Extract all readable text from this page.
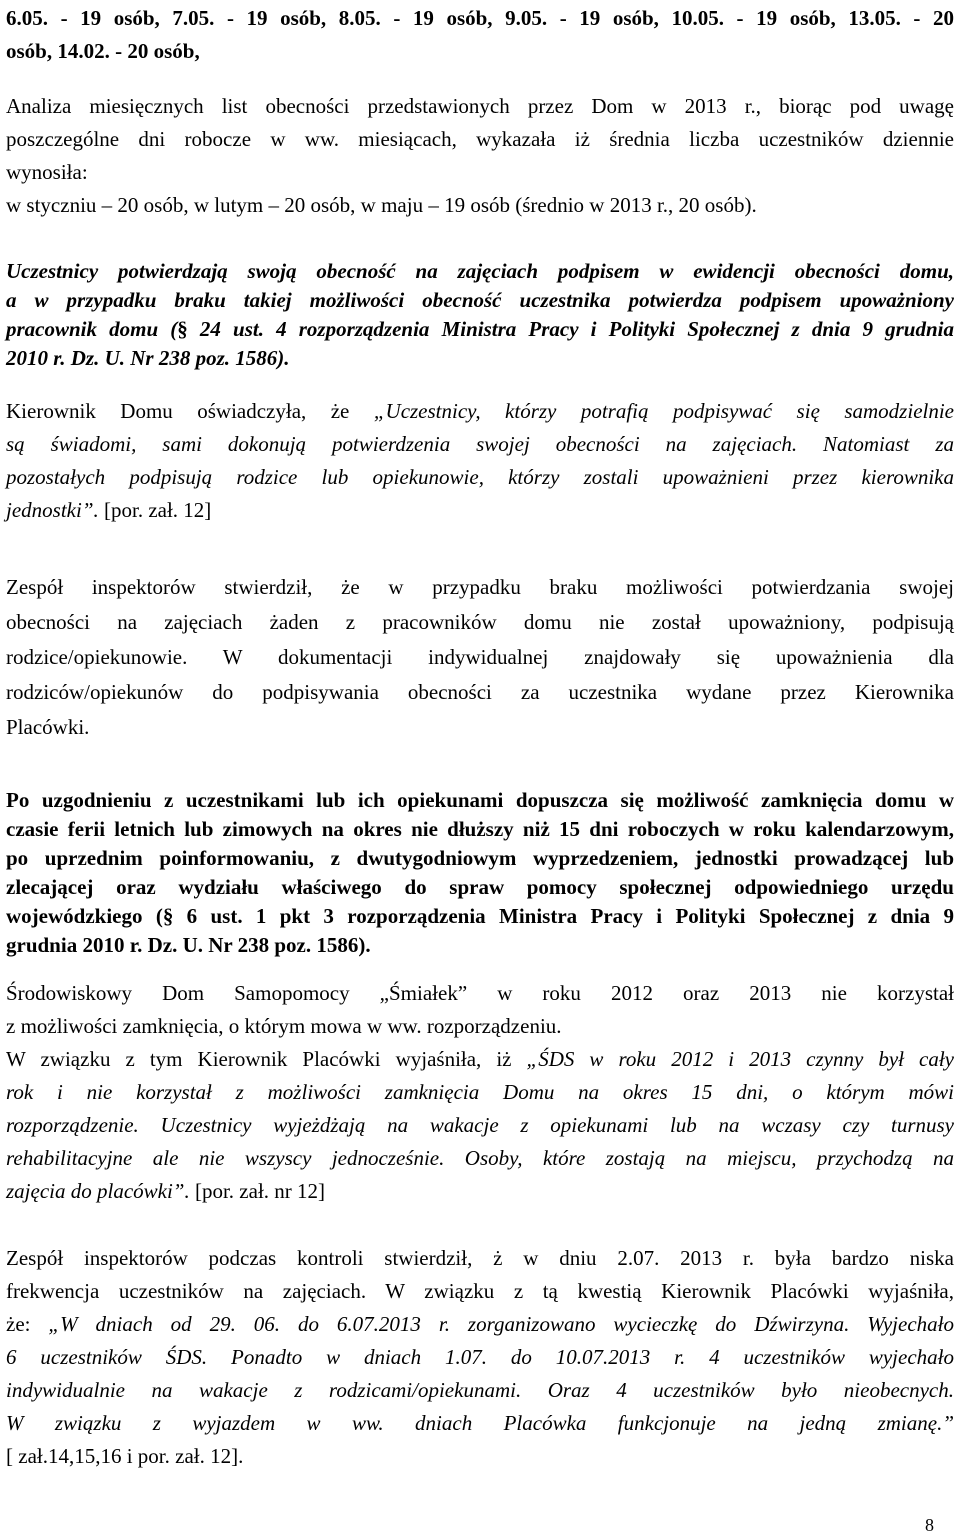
6.05. - 19 osób, 7.05. - 19 osób, 8.05. - 19 osób, 9.05. - 19 osób, 10.05. - 19 osób, 13.05. - 20
osób, 14.02. - 20 osób,
Analiza miesięcznych list obecności przedstawionych przez Dom w 2013 r., biorąc pod uwagę
poszczególne dni robocze w ww. miesiącach, wykazała iż średnia liczba uczestników dziennie
wynosiła:
w styczniu – 20 osób, w lutym – 20 osób, w maju – 19 osób (średnio w 2013 r., 20 osób).
Uczestnicy potwierdzają swoją obecność na zajęciach podpisem w ewidencji obecności domu,
a w przypadku braku takiej możliwości obecność uczestnika potwierdza podpisem upoważniony
pracownik domu (§ 24 ust. 4 rozporządzenia Ministra Pracy i Polityki Społecznej z dnia 9 grudnia
2010 r. Dz. U. Nr 238 poz. 1586).
Kierownik Domu oświadczyła, że „Uczestnicy, którzy potrafią podpisywać się samodzielnie
są świadomi, sami dokonują potwierdzenia swojej obecności na zajęciach. Natomiast za
pozostałych podpisują rodzice lub opiekunowie, którzy zostali upoważnieni przez kierownika
jednostki”. [por. zał. 12]
Zespół inspektorów stwierdził, że w przypadku braku możliwości potwierdzania swojej
obecności na zajęciach żaden z pracowników domu nie został upoważniony, podpisują
rodzice/opiekunowie. W dokumentacji indywidualnej znajdowały się upoważnienia dla
rodziców/opiekunów do podpisywania obecności za uczestnika wydane przez Kierownika
Placówki.
Po uzgodnieniu z uczestnikami lub ich opiekunami dopuszcza się możliwość zamknięcia domu w
czasie ferii letnich lub zimowych na okres nie dłuższy niż 15 dni roboczych w roku kalendarzowym,
po uprzednim poinformowaniu, z dwutygodniowym wyprzedzeniem, jednostki prowadzącej lub
zlecającej oraz wydziału właściwego do spraw pomocy społecznej odpowiedniego urzędu
wojewódzkiego (§ 6 ust. 1 pkt 3 rozporządzenia Ministra Pracy i Polityki Społecznej z dnia 9
grudnia 2010 r. Dz. U. Nr 238 poz. 1586).
Środowiskowy Dom Samopomocy „Śmiałek” w roku 2012 oraz 2013 nie korzystał
z możliwości zamknięcia, o którym mowa w ww. rozporządzeniu.
W związku z tym Kierownik Placówki wyjaśniła, iż „ŚDS w roku 2012 i 2013 czynny był cały
rok i nie korzystał z możliwości zamknięcia Domu na okres 15 dni, o którym mówi
rozporządzenie. Uczestnicy wyjeżdżają na wakacje z opiekunami lub na wczasy czy turnusy
rehabilitacyjne ale nie wszyscy jednocześnie. Osoby, które zostają na miejscu, przychodzą na
zajęcia do placówki”. [por. zał. nr 12]
Zespół inspektorów podczas kontroli stwierdził, ż w dniu 2.07. 2013 r. była bardzo niska
frekwencja uczestników na zajęciach. W związku z tą kwestią Kierownik Placówki wyjaśniła,
że: „W dniach od 29. 06. do 6.07.2013 r. zorganizowano wycieczkę do Dźwirzyna. Wyjechało
6 uczestników ŚDS. Ponadto w dniach 1.07. do 10.07.2013 r. 4 uczestników wyjechało
indywidualnie na wakacje z rodzicami/opiekunami. Oraz 4 uczestników było nieobecnych.
W związku z wyjazdem w ww. dniach Placówka funkcjonuje na jedną zmianę.”
[ zał.14,15,16 i por. zał. 12].
8
